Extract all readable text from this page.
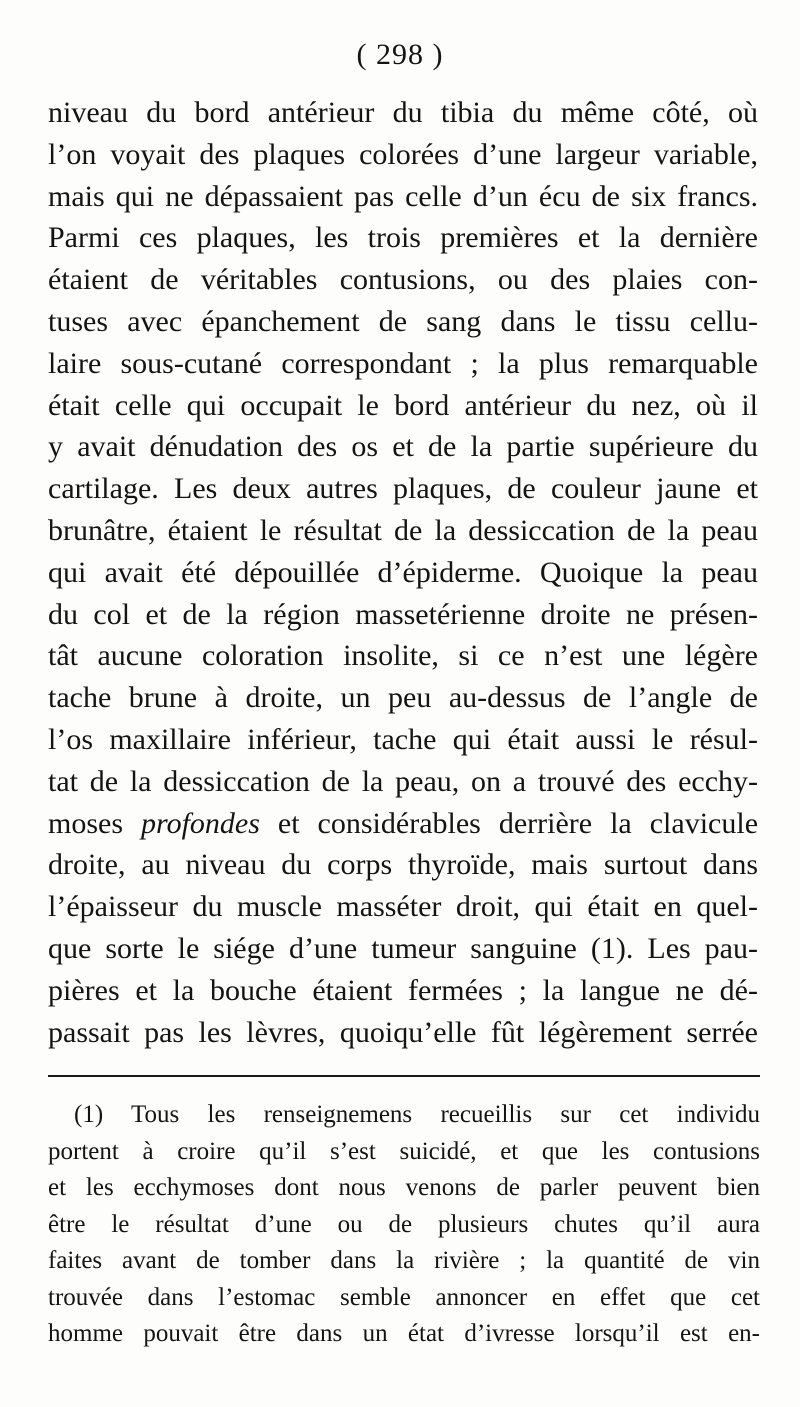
( 298 )
niveau du bord antérieur du tibia du même côté, où
l’on voyait des plaques colorées d’une largeur variable,
mais qui ne dépassaient pas celle d’un écu de six francs.
Parmi ces plaques, les trois premières et la dernière
étaient de véritables contusions, ou des plaies con-
tuses avec épanchement de sang dans le tissu cellu-
laire sous-cutané correspondant ; la plus remarquable
était celle qui occupait le bord antérieur du nez, où il
y avait dénudation des os et de la partie supérieure du
cartilage. Les deux autres plaques, de couleur jaune et
brunâtre, étaient le résultat de la dessiccation de la peau
qui avait été dépouillée d’épiderme. Quoique la peau
du col et de la région massetérienne droite ne présen-
tât aucune coloration insolite, si ce n’est une légère
tache brune à droite, un peu au-dessus de l’angle de
l’os maxillaire inférieur, tache qui était aussi le résul-
tat de la dessiccation de la peau, on a trouvé des ecchy-
moses profondes et considérables derrière la clavicule
droite, au niveau du corps thyroïde, mais surtout dans
l’épaisseur du muscle masséter droit, qui était en quel-
que sorte le siége d’une tumeur sanguine (1). Les pau-
pières et la bouche étaient fermées ; la langue ne dé-
passait pas les lèvres, quoiqu’elle fût légèrement serrée
(1) Tous les renseignemens recueillis sur cet individu
portent à croire qu’il s’est suicidé, et que les contusions
et les ecchymoses dont nous venons de parler peuvent bien
être le résultat d’une ou de plusieurs chutes qu’il aura
faites avant de tomber dans la rivière ; la quantité de vin
trouvée dans l’estomac semble annoncer en effet que cet
homme pouvait être dans un état d’ivresse lorsqu’il est en-
